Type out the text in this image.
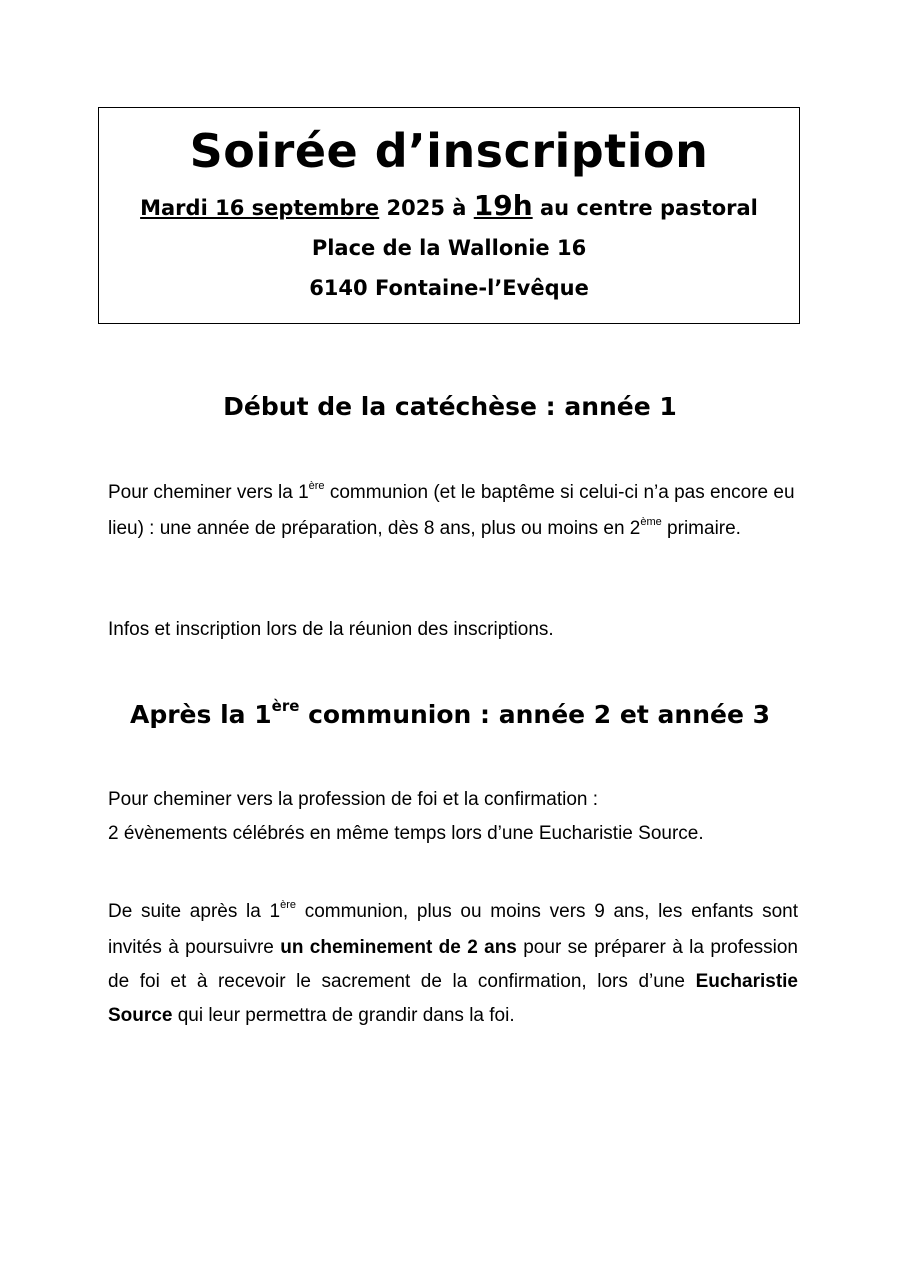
Soirée d’inscription

Mardi 16 septembre 2025 à 19h au centre pastoral

Place de la Wallonie 16

6140 Fontaine-l’Evêque

Début de la catéchèse : année 1

Pour cheminer vers la 1ère communion (et le baptême si celui-ci n’a pas encore eu lieu) : une année de préparation, dès 8 ans, plus ou moins en 2ème primaire.

Infos et inscription lors de la réunion des inscriptions.

Après la 1ère communion : année 2 et année 3

Pour cheminer vers la profession de foi et la confirmation :
2 évènements célébrés en même temps lors d’une Eucharistie Source.

De suite après la 1ère communion, plus ou moins vers 9 ans, les enfants sont invités à poursuivre un cheminement de 2 ans pour se préparer à la profession de foi et à recevoir le sacrement de la confirmation, lors d’une Eucharistie Source qui leur permettra de grandir dans la foi.
